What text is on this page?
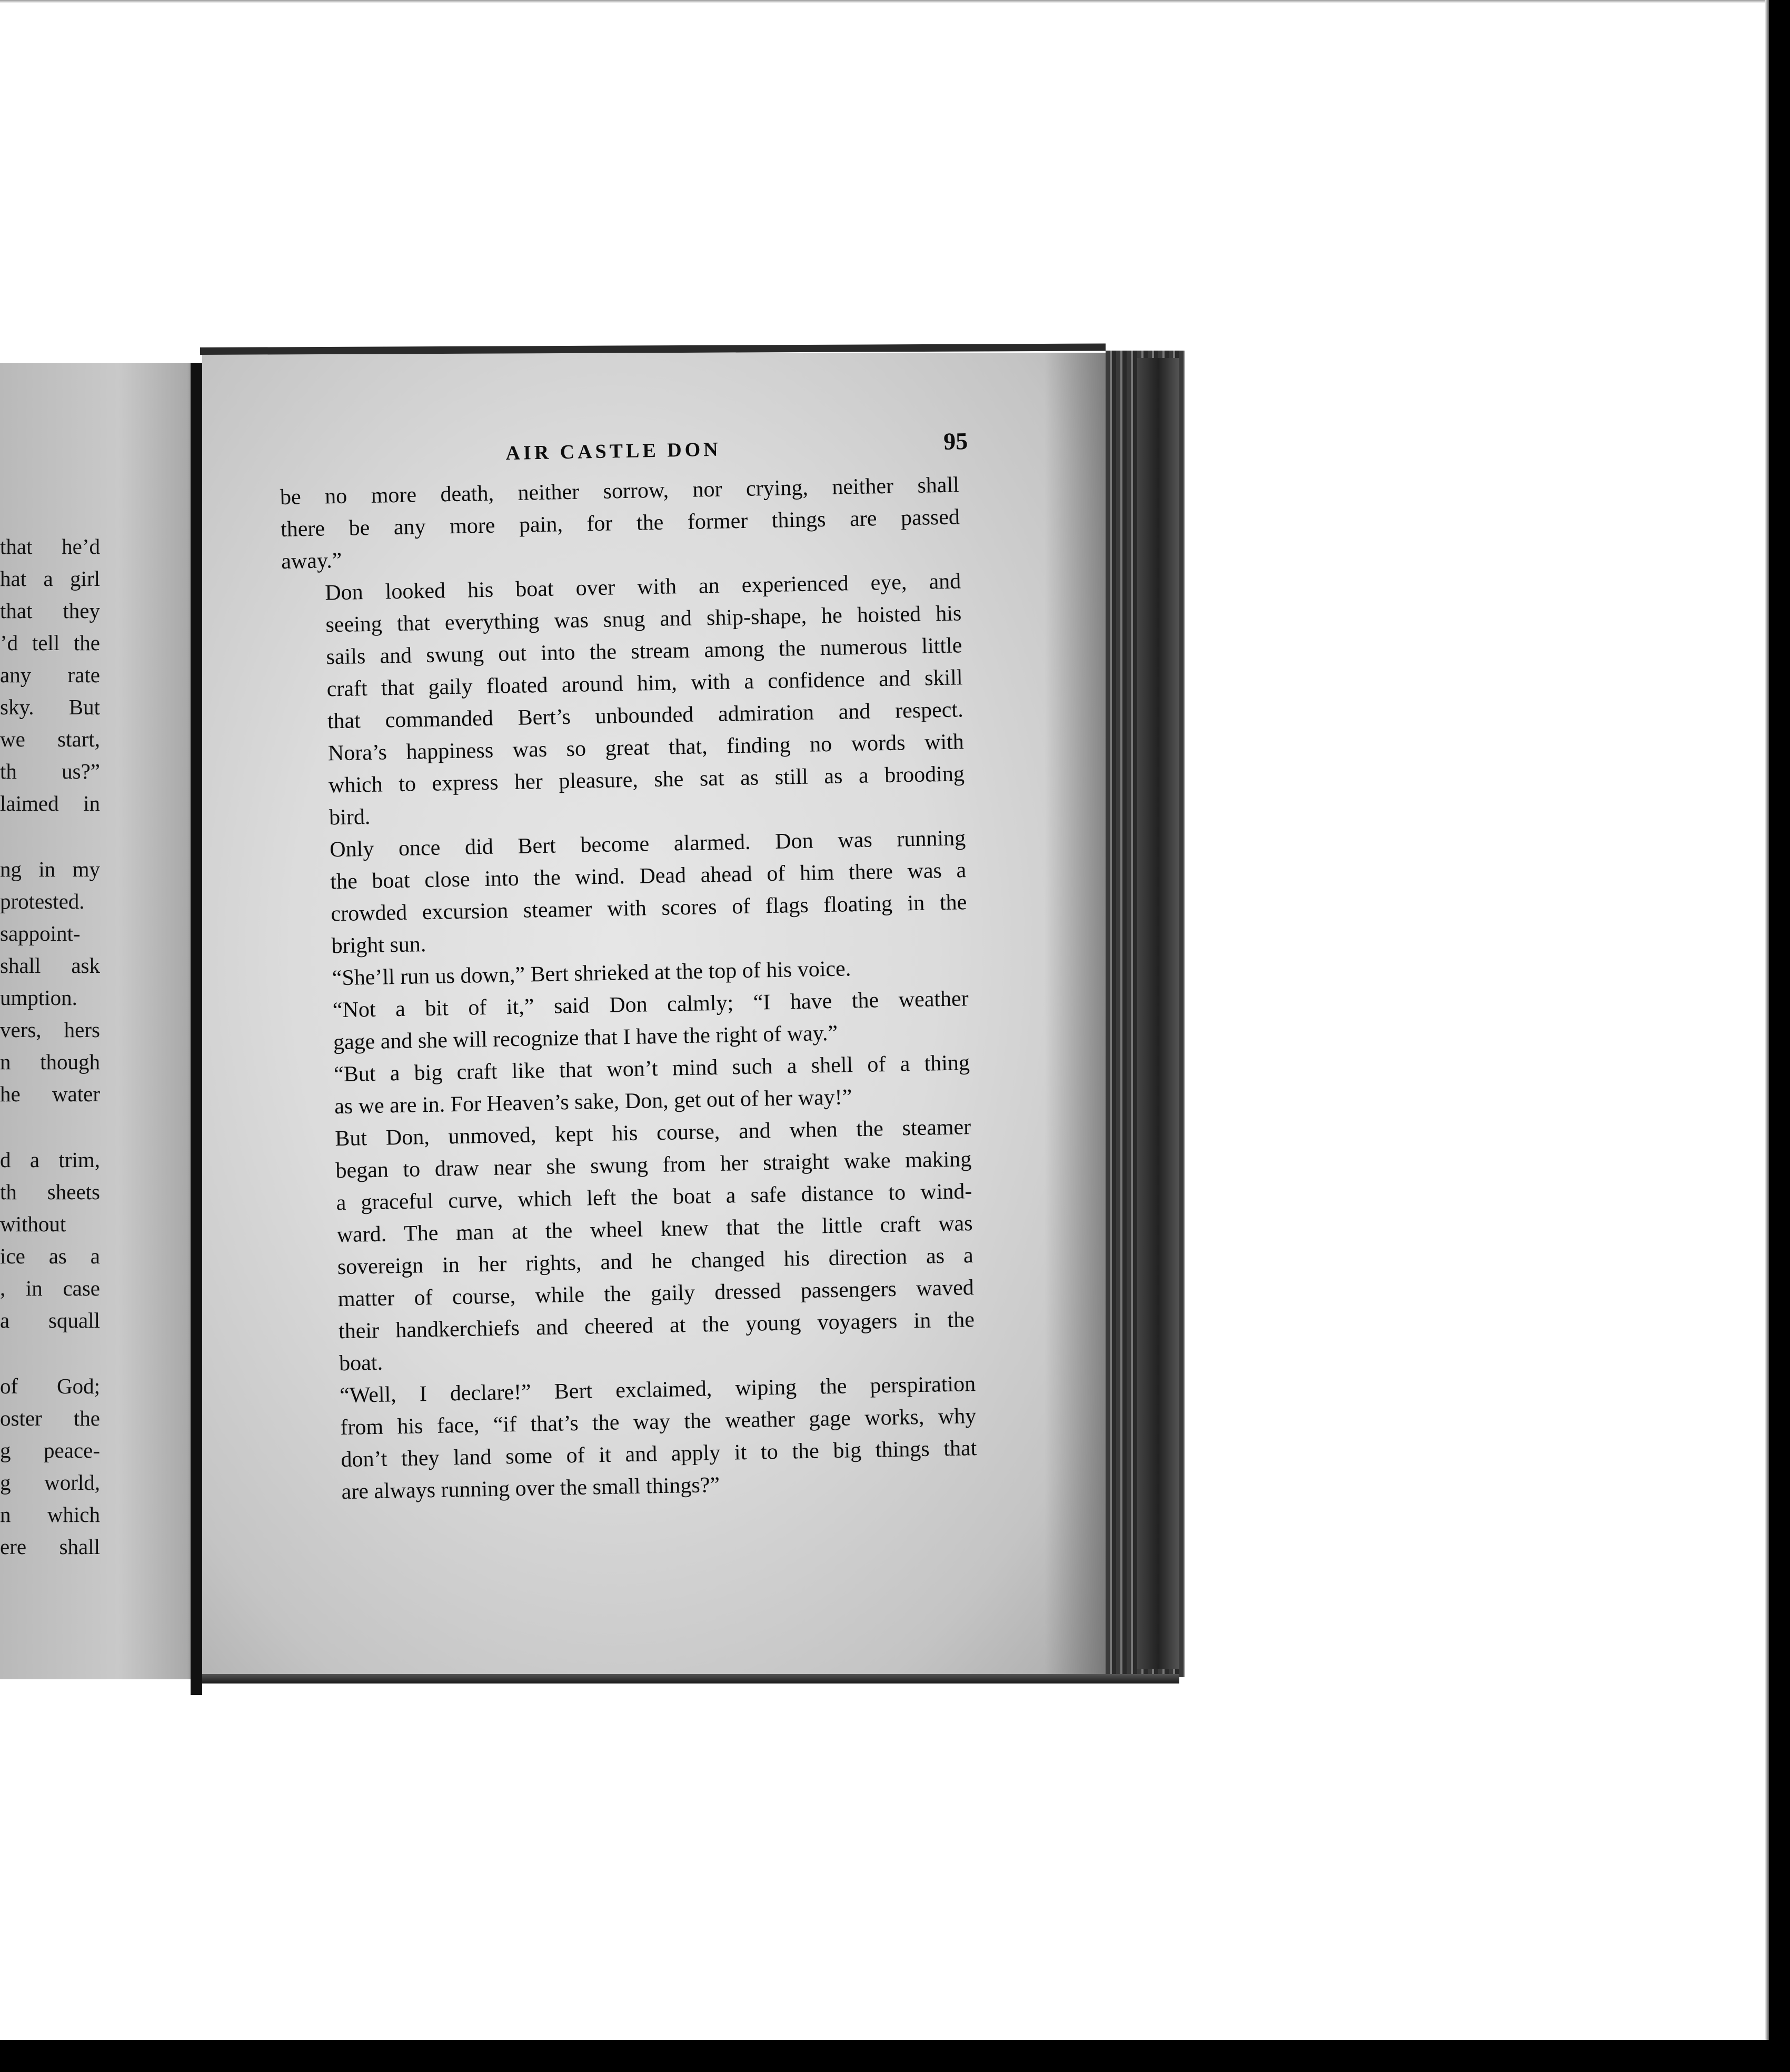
that he’d
hat a girl
that they
’d tell the
any rate
sky. But
we start,
th us?”
laimed in
ng in my
protested.
sappoint-
shall ask
umption.
vers, hers
n though
he water
d a trim,
th sheets
without
ice as a
, in case
a squall
of God;
oster the
g peace-
g world,
n which
ere shall
AIR CASTLE DON	95
be no more death, neither sorrow, nor crying, neither shall
there be any more pain, for the former things are passed
away.”
Don looked his boat over with an experienced eye, and
seeing that everything was snug and ship-shape, he hoisted his
sails and swung out into the stream among the numerous little
craft that gaily floated around him, with a confidence and skill
that commanded Bert’s unbounded admiration and respect.
Nora’s happiness was so great that, finding no words with
which to express her pleasure, she sat as still as a brooding
bird.
Only once did Bert become alarmed. Don was running
the boat close into the wind. Dead ahead of him there was a
crowded excursion steamer with scores of flags floating in the
bright sun.
“She’ll run us down,” Bert shrieked at the top of his voice.
“Not a bit of it,” said Don calmly; “I have the weather
gage and she will recognize that I have the right of way.”
“But a big craft like that won’t mind such a shell of a thing
as we are in. For Heaven’s sake, Don, get out of her way!”
But Don, unmoved, kept his course, and when the steamer
began to draw near she swung from her straight wake making
a graceful curve, which left the boat a safe distance to wind-
ward. The man at the wheel knew that the little craft was
sovereign in her rights, and he changed his direction as a
matter of course, while the gaily dressed passengers waved
their handkerchiefs and cheered at the young voyagers in the
boat.
“Well, I declare!” Bert exclaimed, wiping the perspiration
from his face, “if that’s the way the weather gage works, why
don’t they land some of it and apply it to the big things that
are always running over the small things?”
